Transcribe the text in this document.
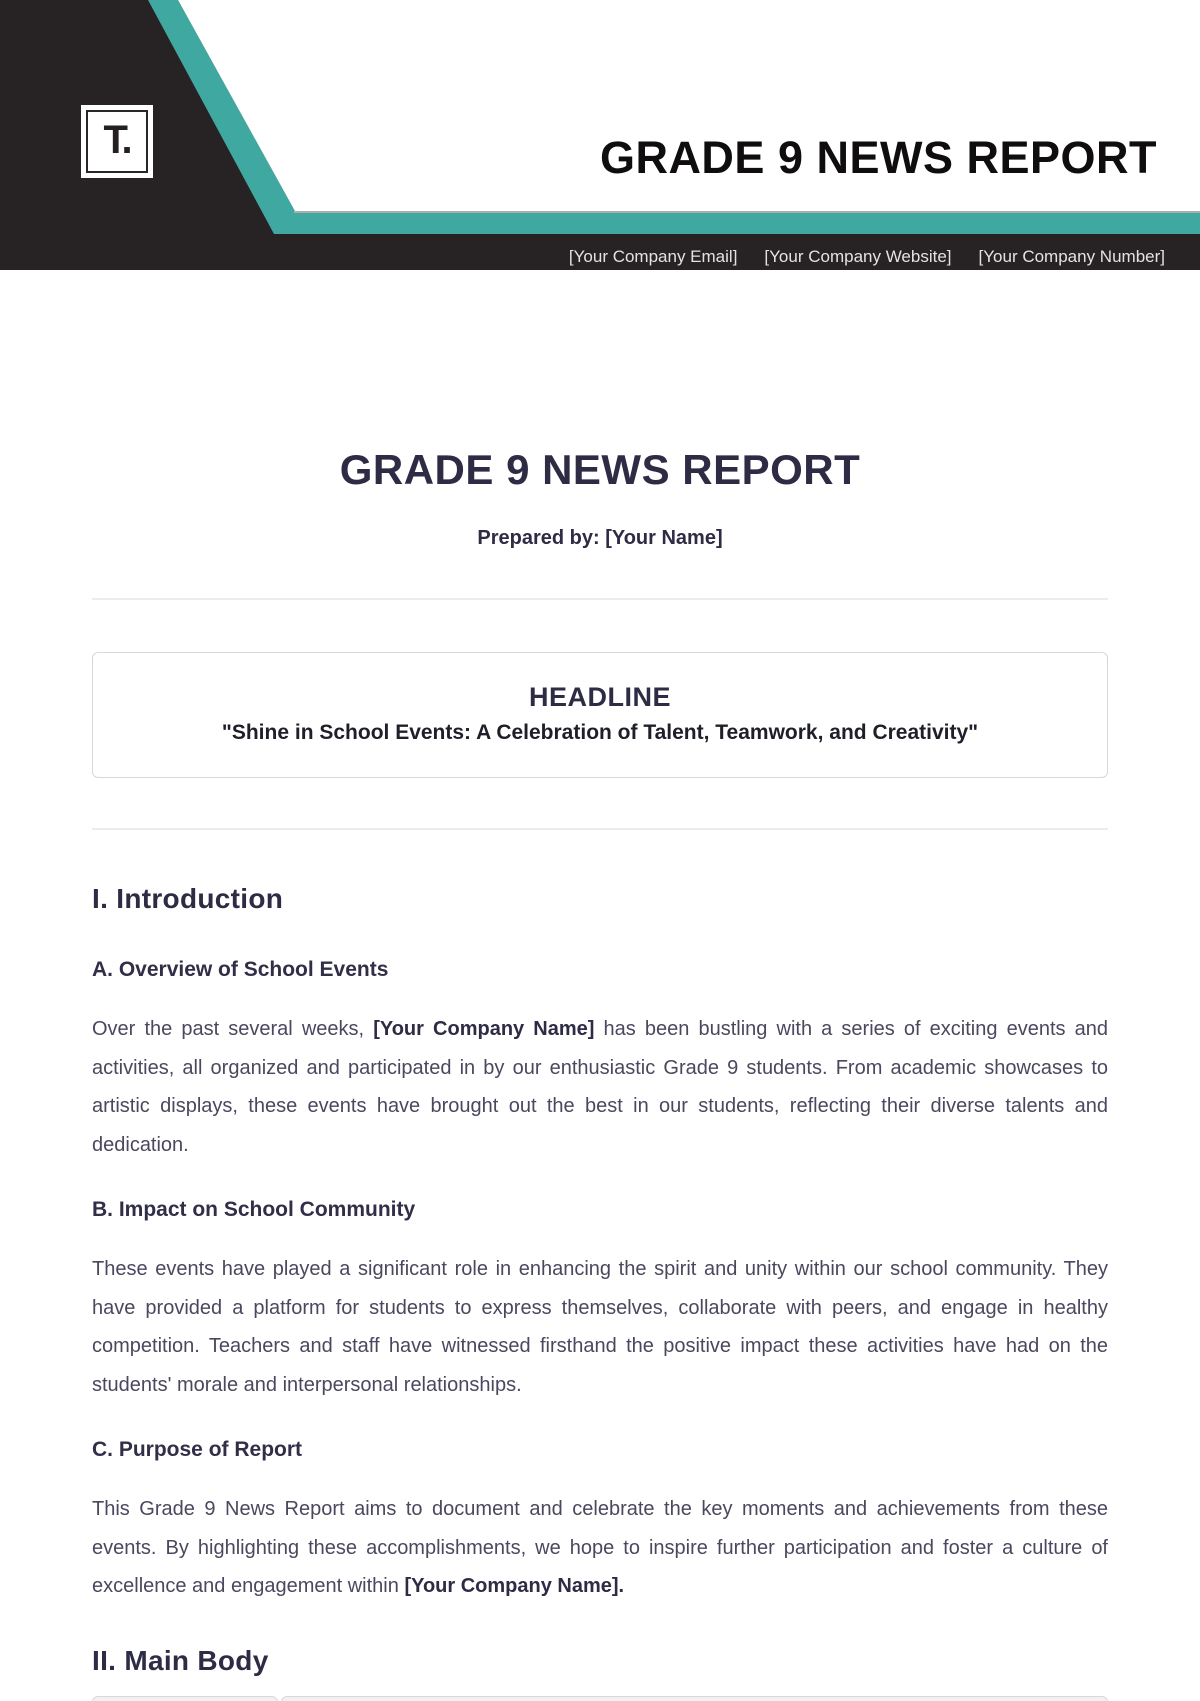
T.	GRADE 9 NEWS REPORT
[Your Company Email] [Your Company Website] [Your Company Number]
GRADE 9 NEWS REPORT
Prepared by: [Your Name]
HEADLINE
"Shine in School Events: A Celebration of Talent, Teamwork, and Creativity"
I. Introduction
A. Overview of School Events

Over the past several weeks, [Your Company Name] has been bustling with a series of exciting events and activities, all organized and participated in by our enthusiastic Grade 9 students. From academic showcases to artistic displays, these events have brought out the best in our students, reflecting their diverse talents and dedication.

B. Impact on School Community

These events have played a significant role in enhancing the spirit and unity within our school community. They have provided a platform for students to express themselves, collaborate with peers, and engage in healthy competition. Teachers and staff have witnessed firsthand the positive impact these activities have had on the students' morale and interpersonal relationships.

C. Purpose of Report

This Grade 9 News Report aims to document and celebrate the key moments and achievements from these events. By highlighting these accomplishments, we hope to inspire further participation and foster a culture of excellence and engagement within [Your Company Name].

II. Main Body
